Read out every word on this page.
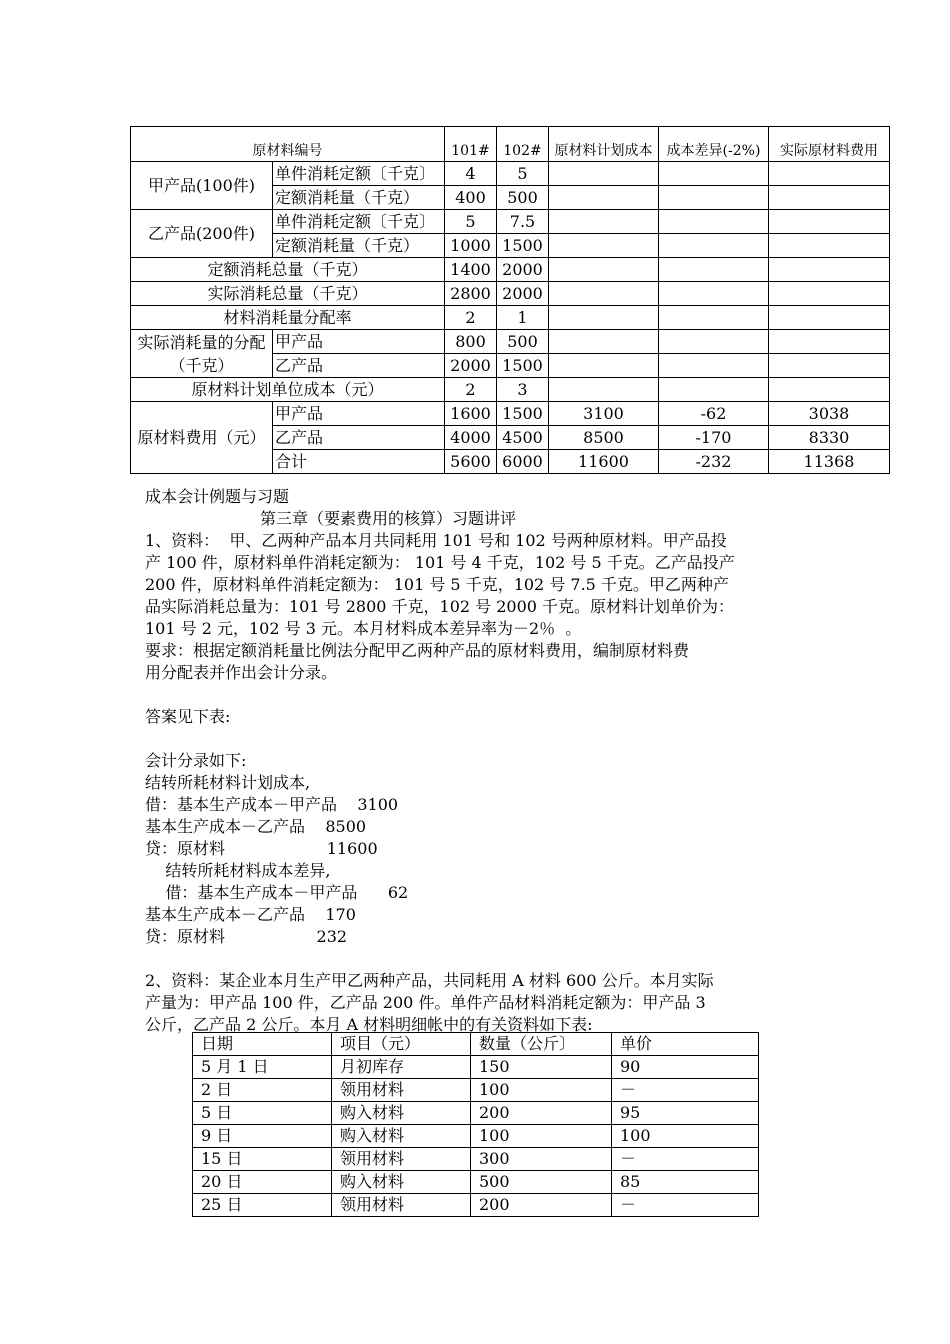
原材料编号		101#	102#	原材料计划成本	成本差异(-2%)	实际原材料费用
甲产品(100件)	单件消耗定额〔千克〕	4	5			
	定额消耗量（千克）	400	500			
乙产品(200件)	单件消耗定额〔千克〕	5	7.5			
	定额消耗量（千克）	1000	1500			
定额消耗总量（千克）		1400	2000			
实际消耗总量（千克）		2800	2000			
材料消耗量分配率		2	1			

实际消耗量的分配
（千克）	甲产品	800	500			
	乙产品	2000	1500			
原材料计划单位成本（元）		2	3			
原材料费用（元）	甲产品	1600	1500	3100	-62	3038
	乙产品	4000	4500	8500	-170	8330
	合计	5600	6000	11600	-232	11368
成本会计例题与习题
第三章（要素费用的核算）习题讲评
1、资料：  甲、乙两种产品本月共同耗用 101 号和 102 号两种原材料。甲产品投
产 100 件，原材料单件消耗定额为： 101 号 4 千克，102 号 5 千克。乙产品投产
200 件，原材料单件消耗定额为： 101 号 5 千克，102 号 7.5 千克。甲乙两种产
品实际消耗总量为：101 号 2800 千克，102 号 2000 千克。原材料计划单价为：
101 号 2 元，102 号 3 元。本月材料成本差异率为－2％  。
要求：根据定额消耗量比例法分配甲乙两种产品的原材料费用，编制原材料费
用分配表并作出会计分录。
答案见下表:
会计分录如下:
结转所耗材料计划成本,
借：基本生产成本－甲产品    3100
基本生产成本－乙产品    8500
贷：原材料                    11600
结转所耗材料成本差异,
借：基本生产成本－甲产品      62
基本生产成本－乙产品    170
贷：原材料                  232
2、资料：某企业本月生产甲乙两种产品，共同耗用 A 材料 600 公斤。本月实际
产量为：甲产品 100 件，乙产品 200 件。单件产品材料消耗定额为：甲产品 3
公斤，乙产品 2 公斤。本月 A 材料明细帐中的有关资料如下表:
日期	项目（元）	数量（公斤〕	单价
5 月 1 日	月初库存	150	90
2 日	领用材料	100	－
5 日	购入材料	200	95
9 日	购入材料	100	100
15 日	领用材料	300	－
20 日	购入材料	500	85
25 日	领用材料	200	－
